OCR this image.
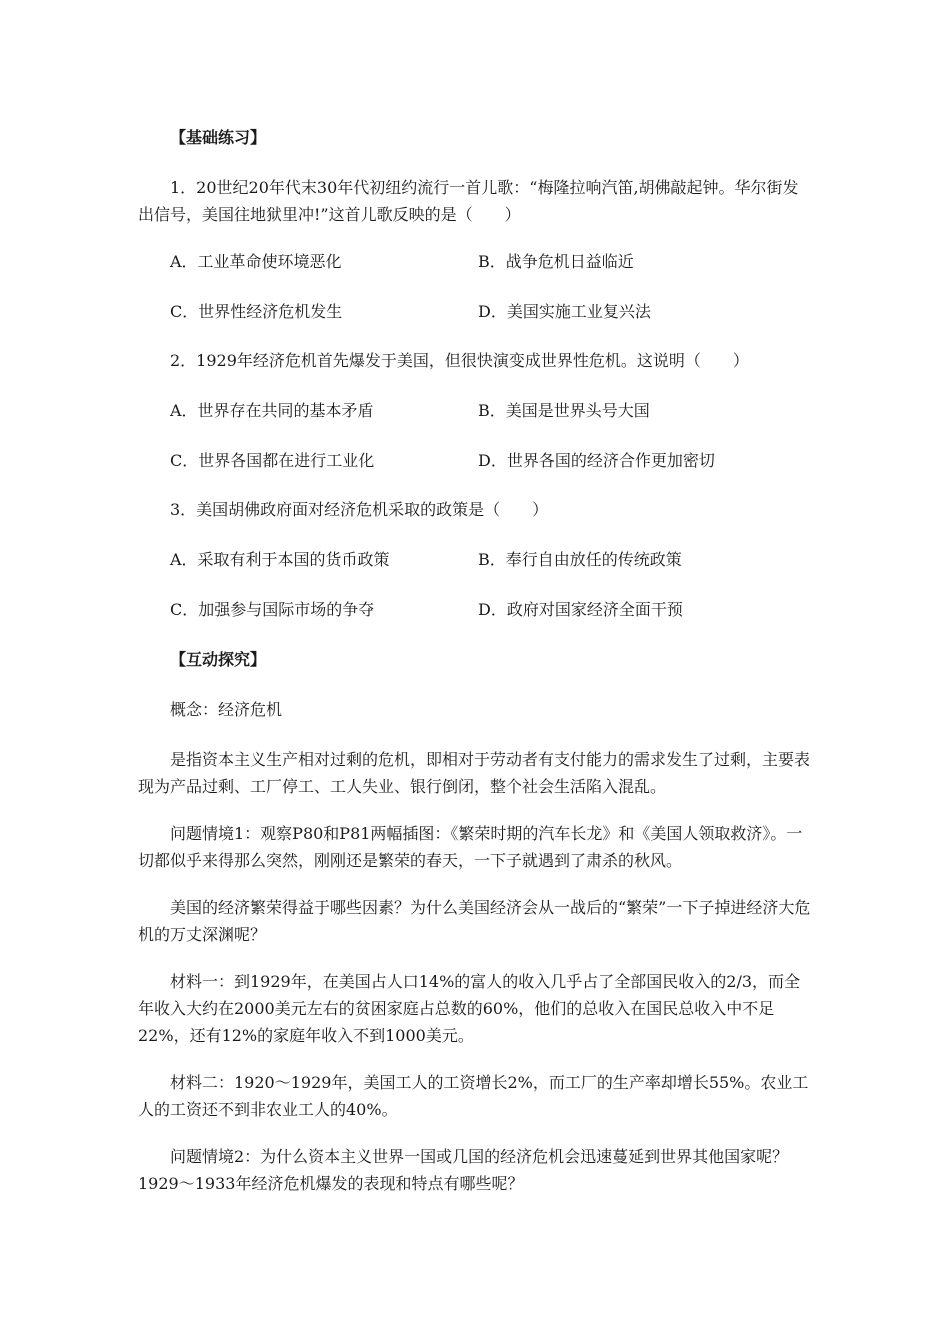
【基础练习】
1．20世纪20年代末30年代初纽约流行一首儿歌：“梅隆拉响汽笛,胡佛敲起钟。华尔街发出信号，美国往地狱里冲!”这首儿歌反映的是（　　）
A．工业革命使环境恶化	B．战争危机日益临近
C．世界性经济危机发生	D．美国实施工业复兴法
2．1929年经济危机首先爆发于美国，但很快演变成世界性危机。这说明（　　）
A．世界存在共同的基本矛盾	B．美国是世界头号大国
C．世界各国都在进行工业化	D．世界各国的经济合作更加密切
3．美国胡佛政府面对经济危机采取的政策是（　　）
A．采取有利于本国的货币政策	B．奉行自由放任的传统政策
C．加强参与国际市场的争夺	D．政府对国家经济全面干预
【互动探究】
概念：经济危机
是指资本主义生产相对过剩的危机，即相对于劳动者有支付能力的需求发生了过剩，主要表现为产品过剩、工厂停工、工人失业、银行倒闭，整个社会生活陷入混乱。
问题情境1：观察P80和P81两幅插图：《繁荣时期的汽车长龙》和《美国人领取救济》。一切都似乎来得那么突然，刚刚还是繁荣的春天，一下子就遇到了肃杀的秋风。
美国的经济繁荣得益于哪些因素？为什么美国经济会从一战后的“繁荣”一下子掉进经济大危机的万丈深渊呢？
材料一：到1929年，在美国占人口14%的富人的收入几乎占了全部国民收入的2/3，而全年收入大约在2000美元左右的贫困家庭占总数的60%，他们的总收入在国民总收入中不足22%，还有12%的家庭年收入不到1000美元。
材料二：1920～1929年，美国工人的工资增长2%，而工厂的生产率却增长55%。农业工人的工资还不到非农业工人的40%。
问题情境2：为什么资本主义世界一国或几国的经济危机会迅速蔓延到世界其他国家呢？1929～1933年经济危机爆发的表现和特点有哪些呢？
